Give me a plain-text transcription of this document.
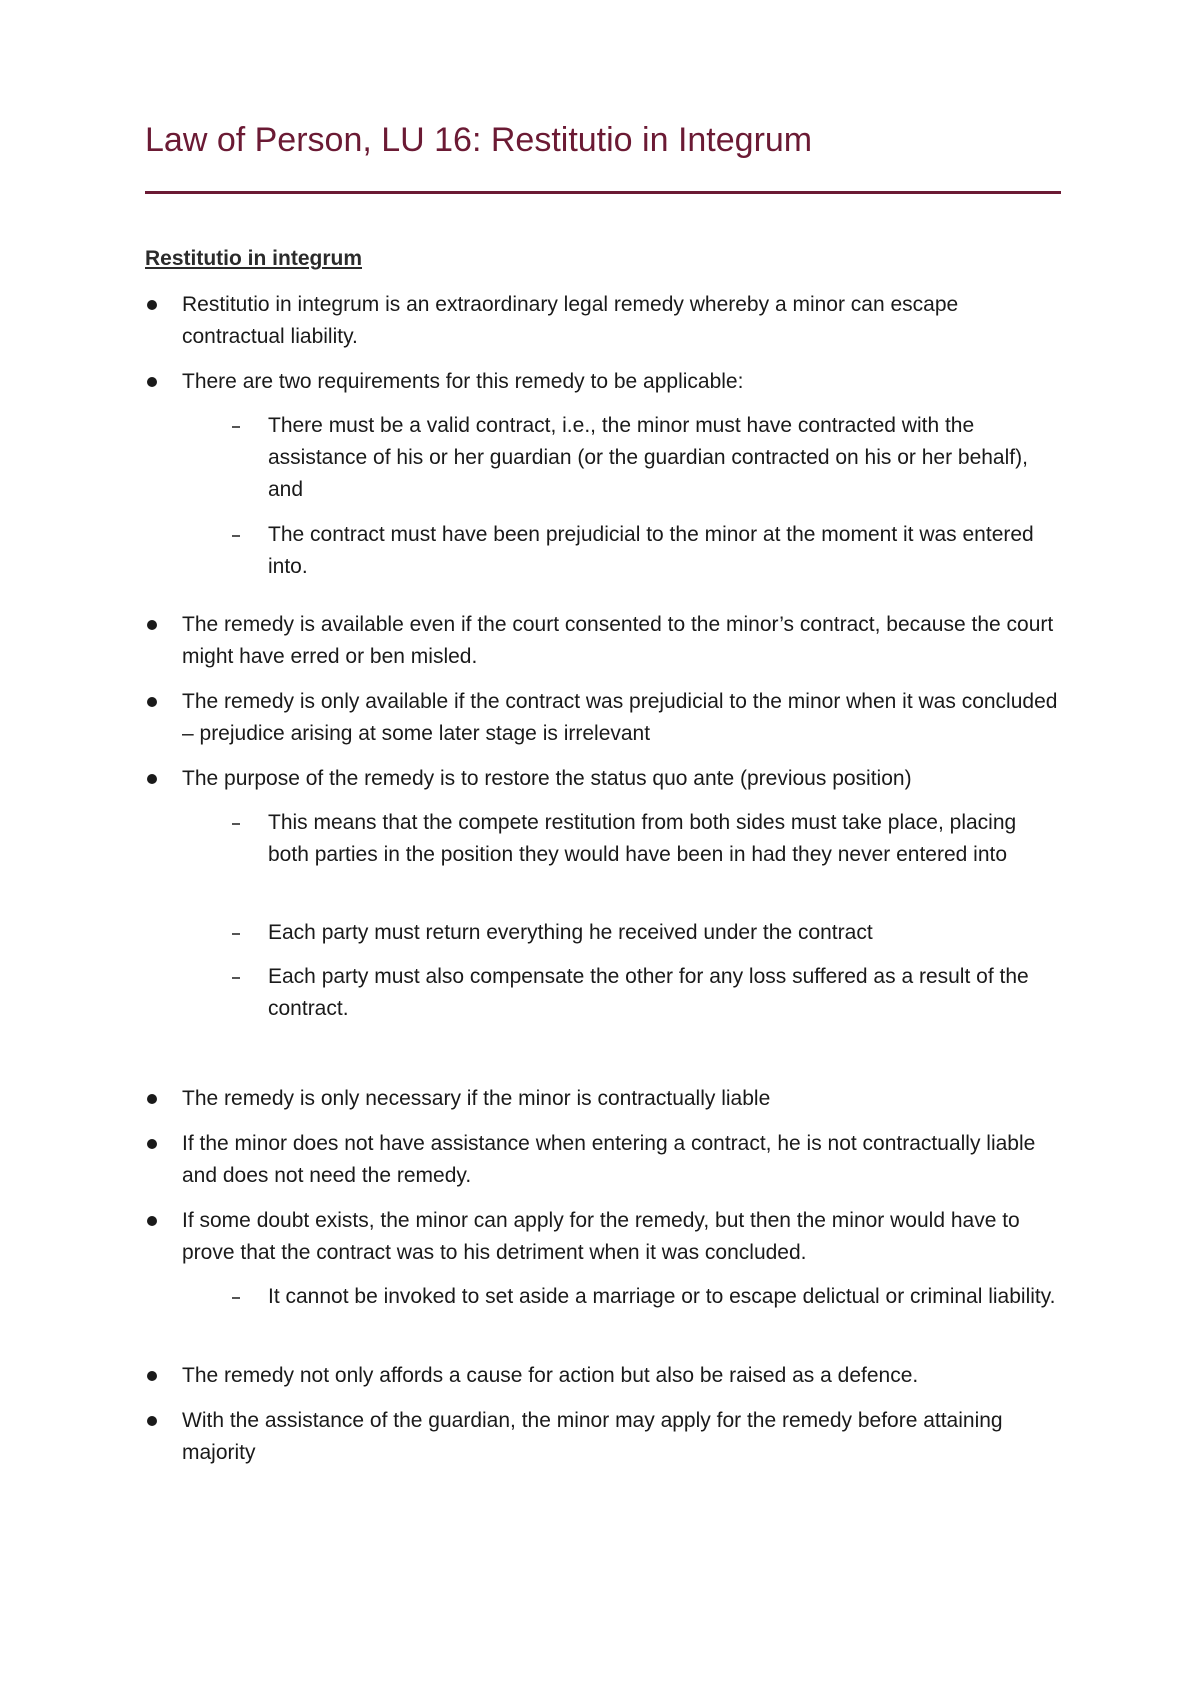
Law of Person, LU 16: Restitutio in Integrum
Restitutio in integrum
Restitutio in integrum is an extraordinary legal remedy whereby a minor can escape contractual liability.
There are two requirements for this remedy to be applicable:
There must be a valid contract, i.e., the minor must have contracted with the assistance of his or her guardian (or the guardian contracted on his or her behalf), and
The contract must have been prejudicial to the minor at the moment it was entered into.
The remedy is available even if the court consented to the minor’s contract, because the court might have erred or ben misled.
The remedy is only available if the contract was prejudicial to the minor when it was concluded – prejudice arising at some later stage is irrelevant
The purpose of the remedy is to restore the status quo ante (previous position)
This means that the compete restitution from both sides must take place, placing both parties in the position they would have been in had they never entered into
Each party must return everything he received under the contract
Each party must also compensate the other for any loss suffered as a result of the contract.
The remedy is only necessary if the minor is contractually liable
If the minor does not have assistance when entering a contract, he is not contractually liable and does not need the remedy.
If some doubt exists, the minor can apply for the remedy, but then the minor would have to prove that the contract was to his detriment when it was concluded.
It cannot be invoked to set aside a marriage or to escape delictual or criminal liability.
The remedy not only affords a cause for action but also be raised as a defence.
With the assistance of the guardian, the minor may apply for the remedy before attaining majority
